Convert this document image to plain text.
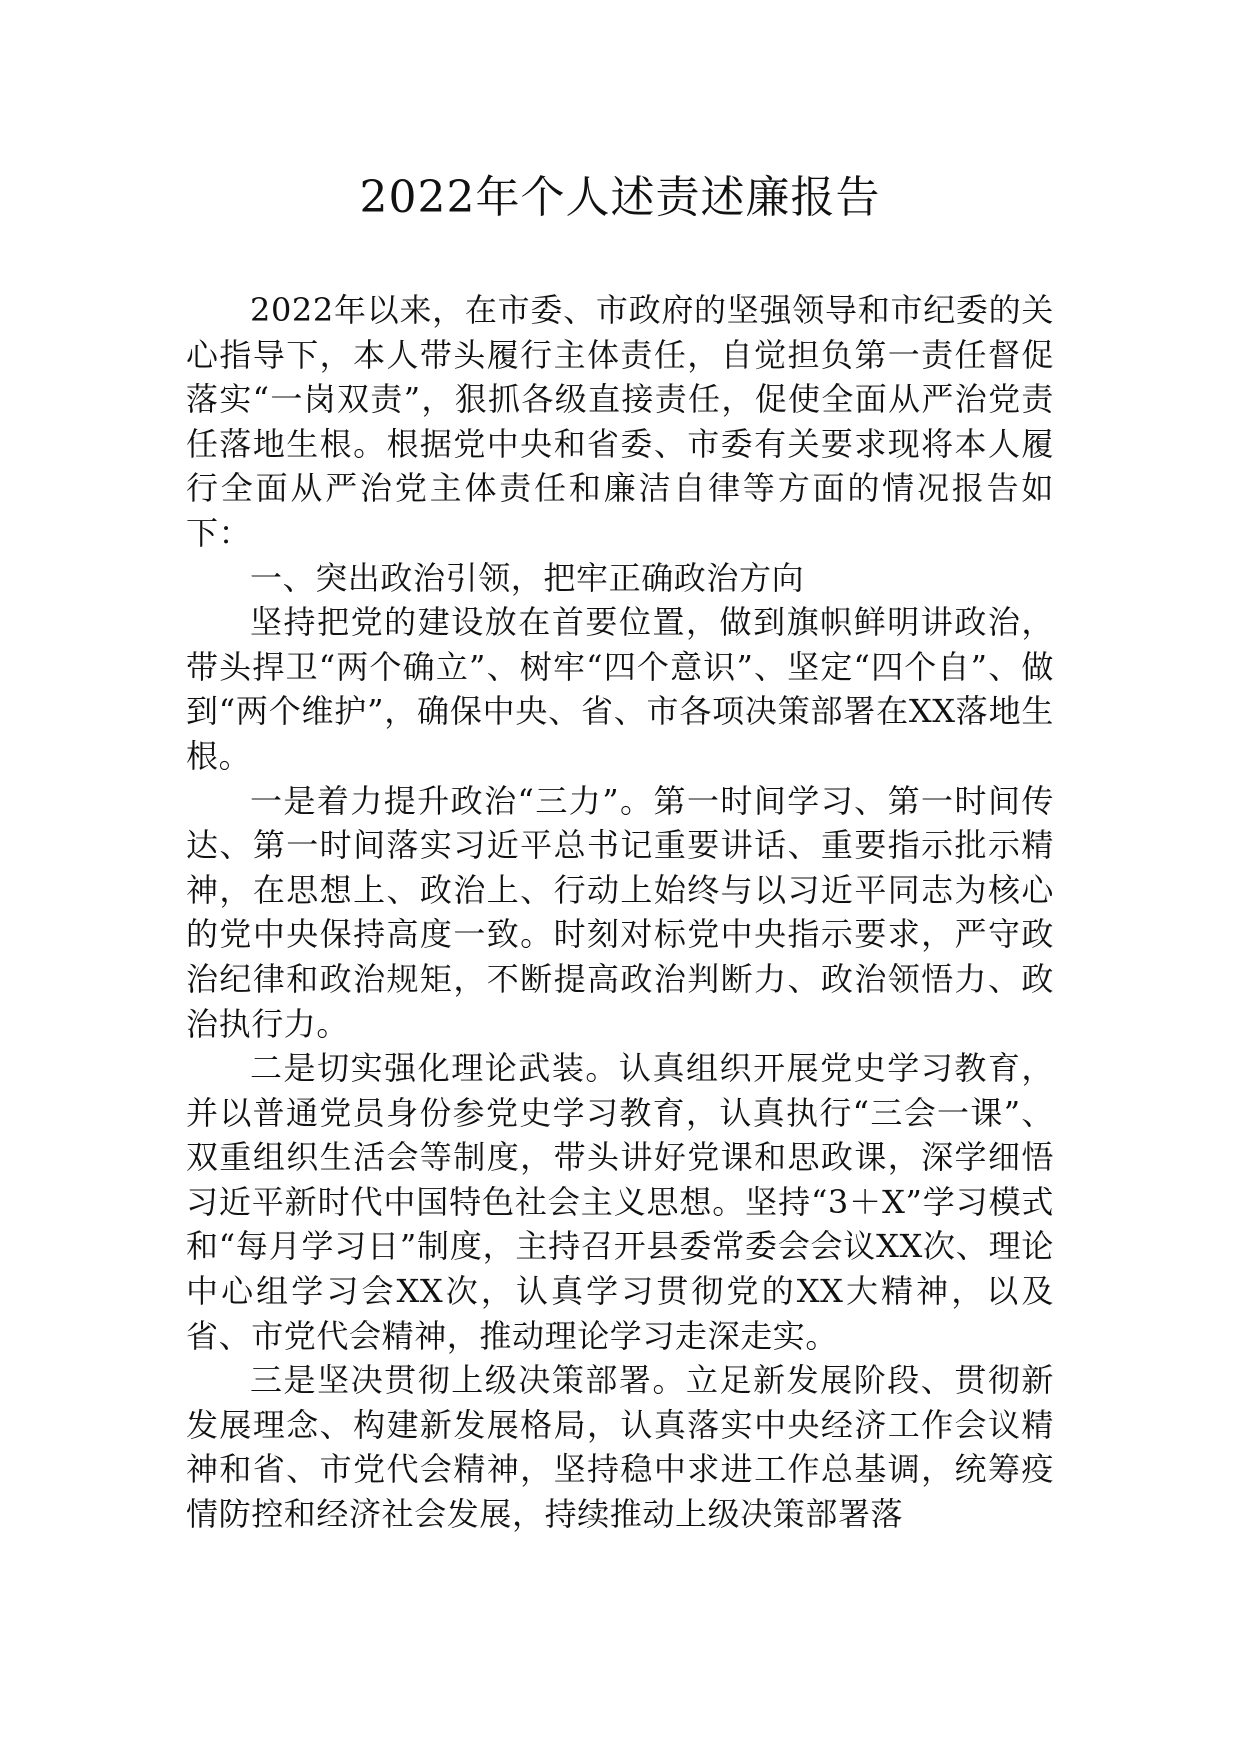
2022年个人述责述廉报告

2022年以来，在市委、市政府的坚强领导和市纪委的关心指导下，本人带头履行主体责任，自觉担负第一责任督促落实“一岗双责”，狠抓各级直接责任，促使全面从严治党责任落地生根。根据党中央和省委、市委有关要求现将本人履行全面从严治党主体责任和廉洁自律等方面的情况报告如下：

一、突出政治引领，把牢正确政治方向

坚持把党的建设放在首要位置，做到旗帜鲜明讲政治，带头捍卫“两个确立”、树牢“四个意识”、坚定“四个自”、做到“两个维护”，确保中央、省、市各项决策部署在XX落地生根。

一是着力提升政治“三力”。第一时间学习、第一时间传达、第一时间落实习近平总书记重要讲话、重要指示批示精神，在思想上、政治上、行动上始终与以习近平同志为核心的党中央保持高度一致。时刻对标党中央指示要求，严守政治纪律和政治规矩，不断提高政治判断力、政治领悟力、政治执行力。

二是切实强化理论武装。认真组织开展党史学习教育，并以普通党员身份参党史学习教育，认真执行“三会一课”、双重组织生活会等制度，带头讲好党课和思政课，深学细悟习近平新时代中国特色社会主义思想。坚持“3＋X”学习模式和“每月学习日”制度，主持召开县委常委会会议XX次、理论中心组学习会XX次，认真学习贯彻党的XX大精神，以及省、市党代会精神，推动理论学习走深走实。

三是坚决贯彻上级决策部署。立足新发展阶段、贯彻新发展理念、构建新发展格局，认真落实中央经济工作会议精神和省、市党代会精神，坚持稳中求进工作总基调，统筹疫情防控和经济社会发展，持续推动上级决策部署落
